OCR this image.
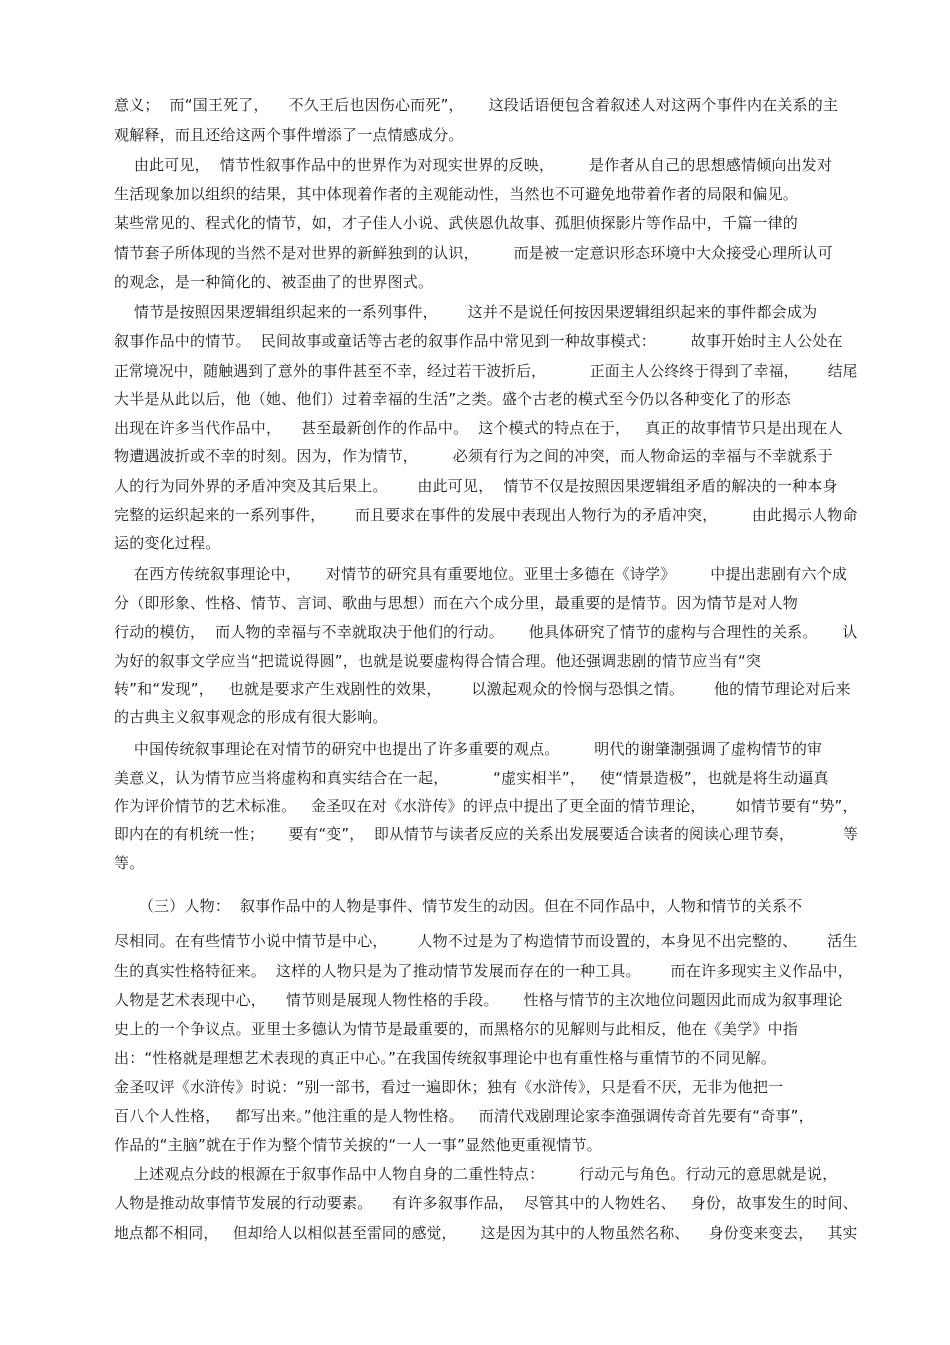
意义；  而“国王死了，    不久王后也因伤心而死”，     这段话语便包含着叙述人对这两个事件内在关系的主
观解释，而且还给这两个事件增添了一点情感成分。
由此可见，  情节性叙事作品中的世界作为对现实世界的反映，       是作者从自己的思想感情倾向出发对
生活现象加以组织的结果，其中体现着作者的主观能动性，当然也不可避免地带着作者的局限和偏见。
某些常见的、程式化的情节，如，才子佳人小说、武侠恩仇故事、孤胆侦探影片等作品中，千篇一律的
情节套子所体现的当然不是对世界的新鲜独到的认识，       而是被一定意识形态环境中大众接受心理所认可
的观念，是一种简化的、被歪曲了的世界图式。
情节是按照因果逻辑组织起来的一系列事件，      这并不是说任何按因果逻辑组织起来的事件都会成为
叙事作品中的情节。  民间故事或童话等古老的叙事作品中常见到一种故事模式：       故事开始时主人公处在
正常境况中，随触遇到了意外的事件甚至不幸，经过若干波折后，         正面主人公终终于得到了幸福，      结尾
大半是从此以后，他（她、他们）过着幸福的生活”之类。盛个古老的模式至今仍以各种变化了的形态
出现在许多当代作品中，    甚至最新创作的作品中。  这个模式的特点在于，   真正的故事情节只是出现在人
物遭遇波折或不幸的时刻。因为，作为情节，       必须有行为之间的冲突，而人物命运的幸福与不幸就系于
人的行为同外界的矛盾冲突及其后果上。      由此可见，  情节不仅是按照因果逻辑组矛盾的解决的一种本身
完整的运织起来的一系列事件，      而且要求在事件的发展中表现出人物行为的矛盾冲突，       由此揭示人物命
运的变化过程。
在西方传统叙事理论中，     对情节的研究具有重要地位。亚里士多德在《诗学》       中提出悲剧有六个成
分（即形象、性格、情节、言词、歌曲与思想）而在六个成分里，最重要的是情节。因为情节是对人物
行动的模仿，  而人物的幸福与不幸就取决于他们的行动。     他具体研究了情节的虚构与合理性的关系。     认
为好的叙事文学应当“把谎说得圆”，也就是说要虚构得合情合理。他还强调悲剧的情节应当有“突
转”和“发现”，   也就是要求产生戏剧性的效果，      以激起观众的怜悯与恐惧之情。      他的情节理论对后来
的古典主义叙事观念的形成有很大影响。
中国传统叙事理论在对情节的研究中也提出了许多重要的观点。       明代的谢肇淛强调了虚构情节的审
美意义，认为情节应当将虚构和真实结合在一起，         “虚实相半”，   使“情景造极”，也就是将生动逼真
作为评价情节的艺术标准。   金圣叹在对《水浒传》的评点中提出了更全面的情节理论，      如情节要有“势”，
即内在的有机统一性；     要有“变”，  即从情节与读者反应的关系出发展要适合读者的阅读心理节奏，          等
等。
（三）人物：  叙事作品中的人物是事件、情节发生的动因。但在不同作品中，人物和情节的关系不
尽相同。在有些情节小说中情节是中心，      人物不过是为了构造情节而设置的，本身见不出完整的、      活生
生的真实性格特征来。  这样的人物只是为了推动情节发展而存在的一种工具。      而在许多现实主义作品中，
人物是艺术表现中心，    情节则是展现人物性格的手段。     性格与情节的主次地位问题因此而成为叙事理论
史上的一个争议点。亚里士多德认为情节是最重要的，而黑格尔的见解则与此相反，他在《美学》中指
出：“性格就是理想艺术表现的真正中心。”在我国传统叙事理论中也有重性格与重情节的不同见解。
金圣叹评《水浒传》时说：“别一部书，看过一遍即休；独有《水浒传》，只是看不厌，无非为他把一
百八个人性格，   都写出来。”他注重的是人物性格。   而清代戏剧理论家李渔强调传奇首先要有“奇事”，
作品的“主脑”就在于作为整个情节关捩的“一人一事”显然他更重视情节。
上述观点分歧的根源在于叙事作品中人物自身的二重性特点：       行动元与角色。行动元的意思就是说，
人物是推动故事情节发展的行动要素。    有许多叙事作品，  尽管其中的人物姓名、   身份，故事发生的时间、
地点都不相同，   但却给人以相似甚至雷同的感觉，     这是因为其中的人物虽然名称、    身份变来变去，   其实
